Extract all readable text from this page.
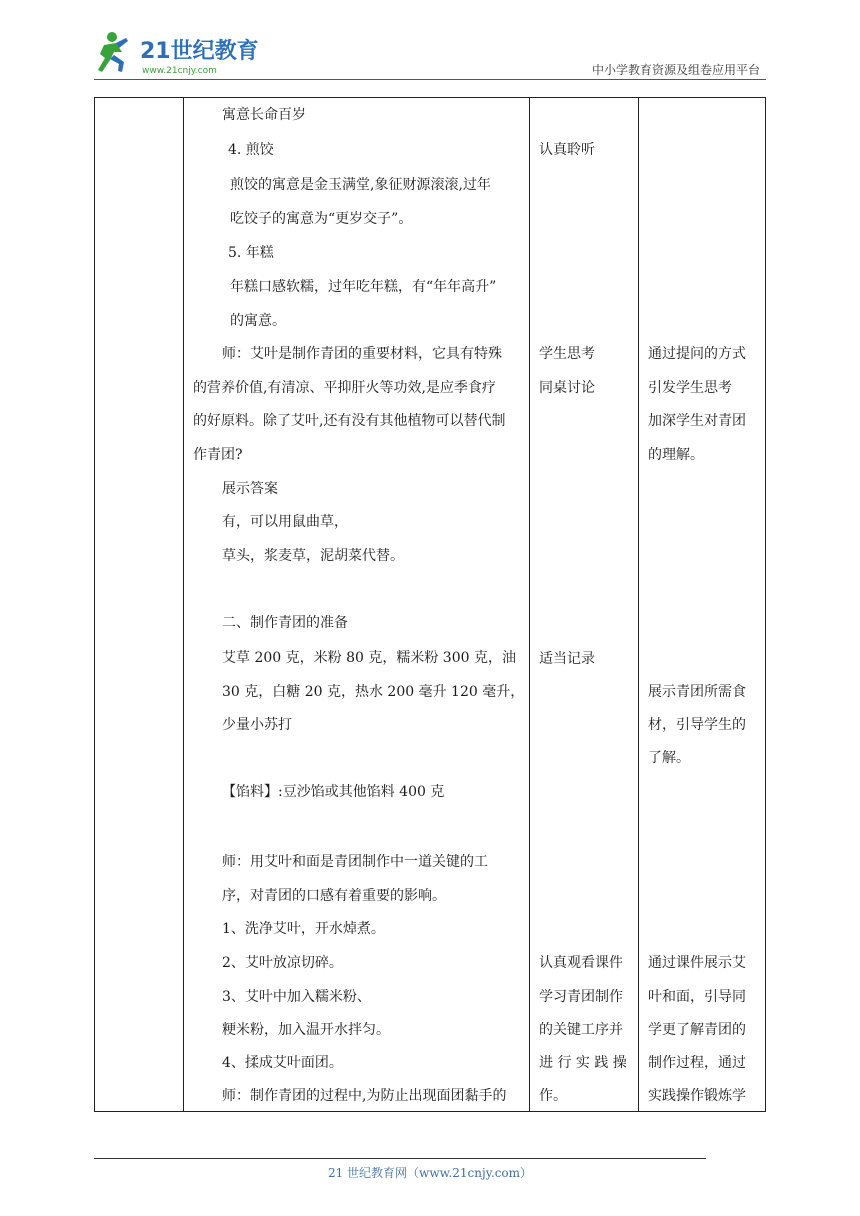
21世纪教育
www.21cnjy.com	中小学教育资源及组卷应用平台
寓意长命百岁
4. 煎饺
煎饺的寓意是金玉满堂,象征财源滚滚,过年
吃饺子的寓意为“更岁交子”。
5. 年糕
年糕口感软糯，过年吃年糕，有“年年高升”
的寓意。
师：艾叶是制作青团的重要材料，它具有特殊
的营养价值,有清凉、平抑肝火等功效,是应季食疗
的好原料。除了艾叶,还有没有其他植物可以替代制
作青团?
展示答案
有，可以用鼠曲草，
草头，浆麦草，泥胡菜代替。
二、制作青团的准备
艾草 200 克，米粉 80 克，糯米粉 300 克，油
30 克，白糖 20 克，热水 200 毫升 120 毫升，
少量小苏打
【馅料】:豆沙馅或其他馅料 400 克
师：用艾叶和面是青团制作中一道关键的工
序，对青团的口感有着重要的影响。
1、洗净艾叶，开水焯煮。
2、艾叶放凉切碎。
3、艾叶中加入糯米粉、
粳米粉，加入温开水拌匀。
4、揉成艾叶面团。
师：制作青团的过程中,为防止出现面团黏手的
认真聆听
学生思考
同桌讨论
适当记录
认真观看课件
学习青团制作
的关键工序并
进 行 实 践 操
作。
通过提问的方式
引发学生思考
加深学生对青团
的理解。
展示青团所需食
材，引导学生的
了解。
通过课件展示艾
叶和面，引导同
学更了解青团的
制作过程，通过
实践操作锻炼学
21 世纪教育网（www.21cnjy.com）
